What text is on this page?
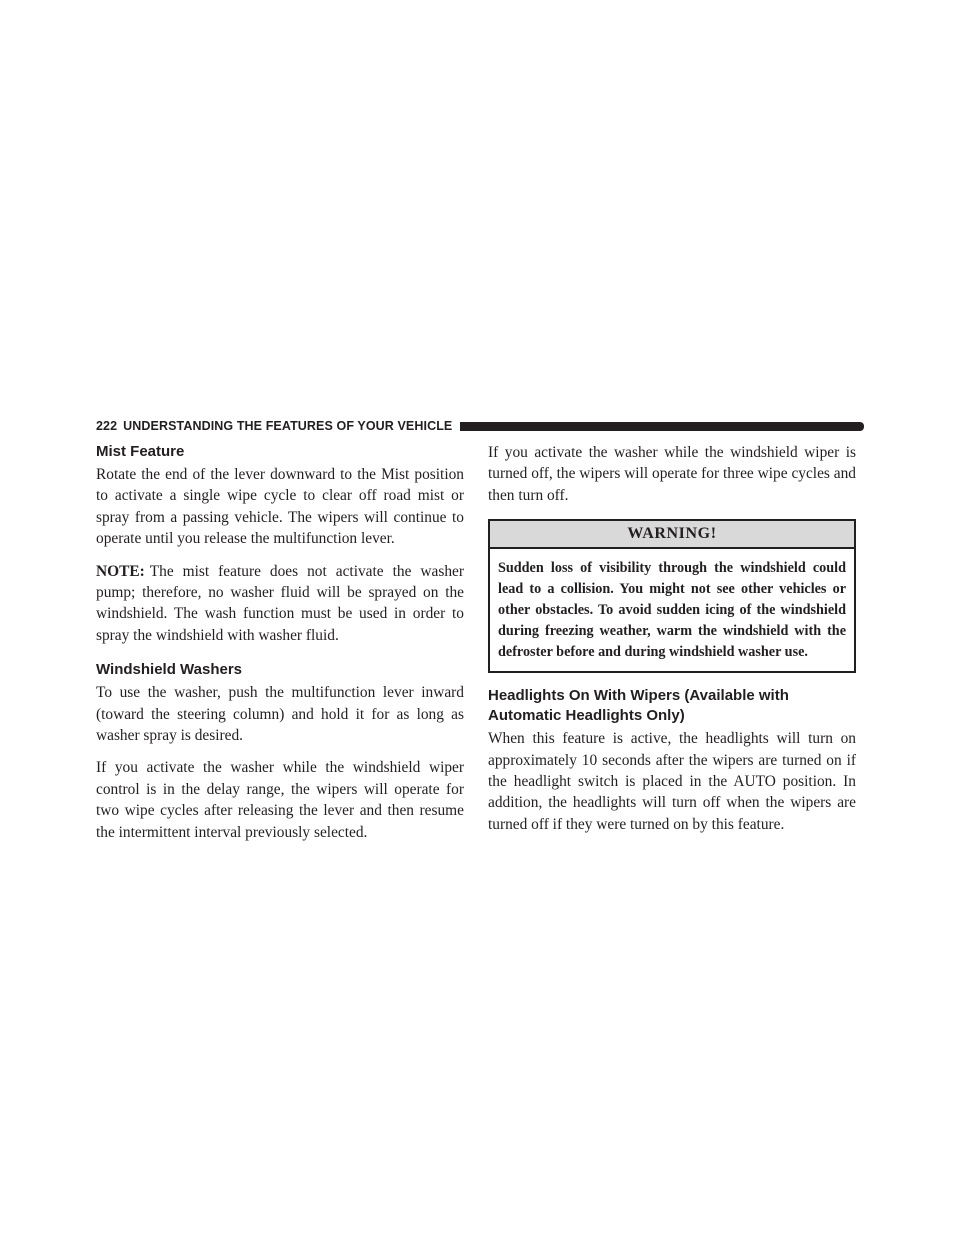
222 UNDERSTANDING THE FEATURES OF YOUR VEHICLE
Mist Feature

Rotate the end of the lever downward to the Mist position to activate a single wipe cycle to clear off road mist or spray from a passing vehicle. The wipers will continue to operate until you release the multifunction lever.

NOTE: The mist feature does not activate the washer pump; therefore, no washer fluid will be sprayed on the windshield. The wash function must be used in order to spray the windshield with washer fluid.

Windshield Washers

To use the washer, push the multifunction lever inward (toward the steering column) and hold it for as long as washer spray is desired.

If you activate the washer while the windshield wiper control is in the delay range, the wipers will operate for two wipe cycles after releasing the lever and then resume the intermittent interval previously selected.

If you activate the washer while the windshield wiper is turned off, the wipers will operate for three wipe cycles and then turn off.

WARNING!
Sudden loss of visibility through the windshield could lead to a collision. You might not see other vehicles or other obstacles. To avoid sudden icing of the windshield during freezing weather, warm the windshield with the defroster before and during windshield washer use.
Headlights On With Wipers (Available with Automatic Headlights Only)

When this feature is active, the headlights will turn on approximately 10 seconds after the wipers are turned on if the headlight switch is placed in the AUTO position. In addition, the headlights will turn off when the wipers are turned off if they were turned on by this feature.
